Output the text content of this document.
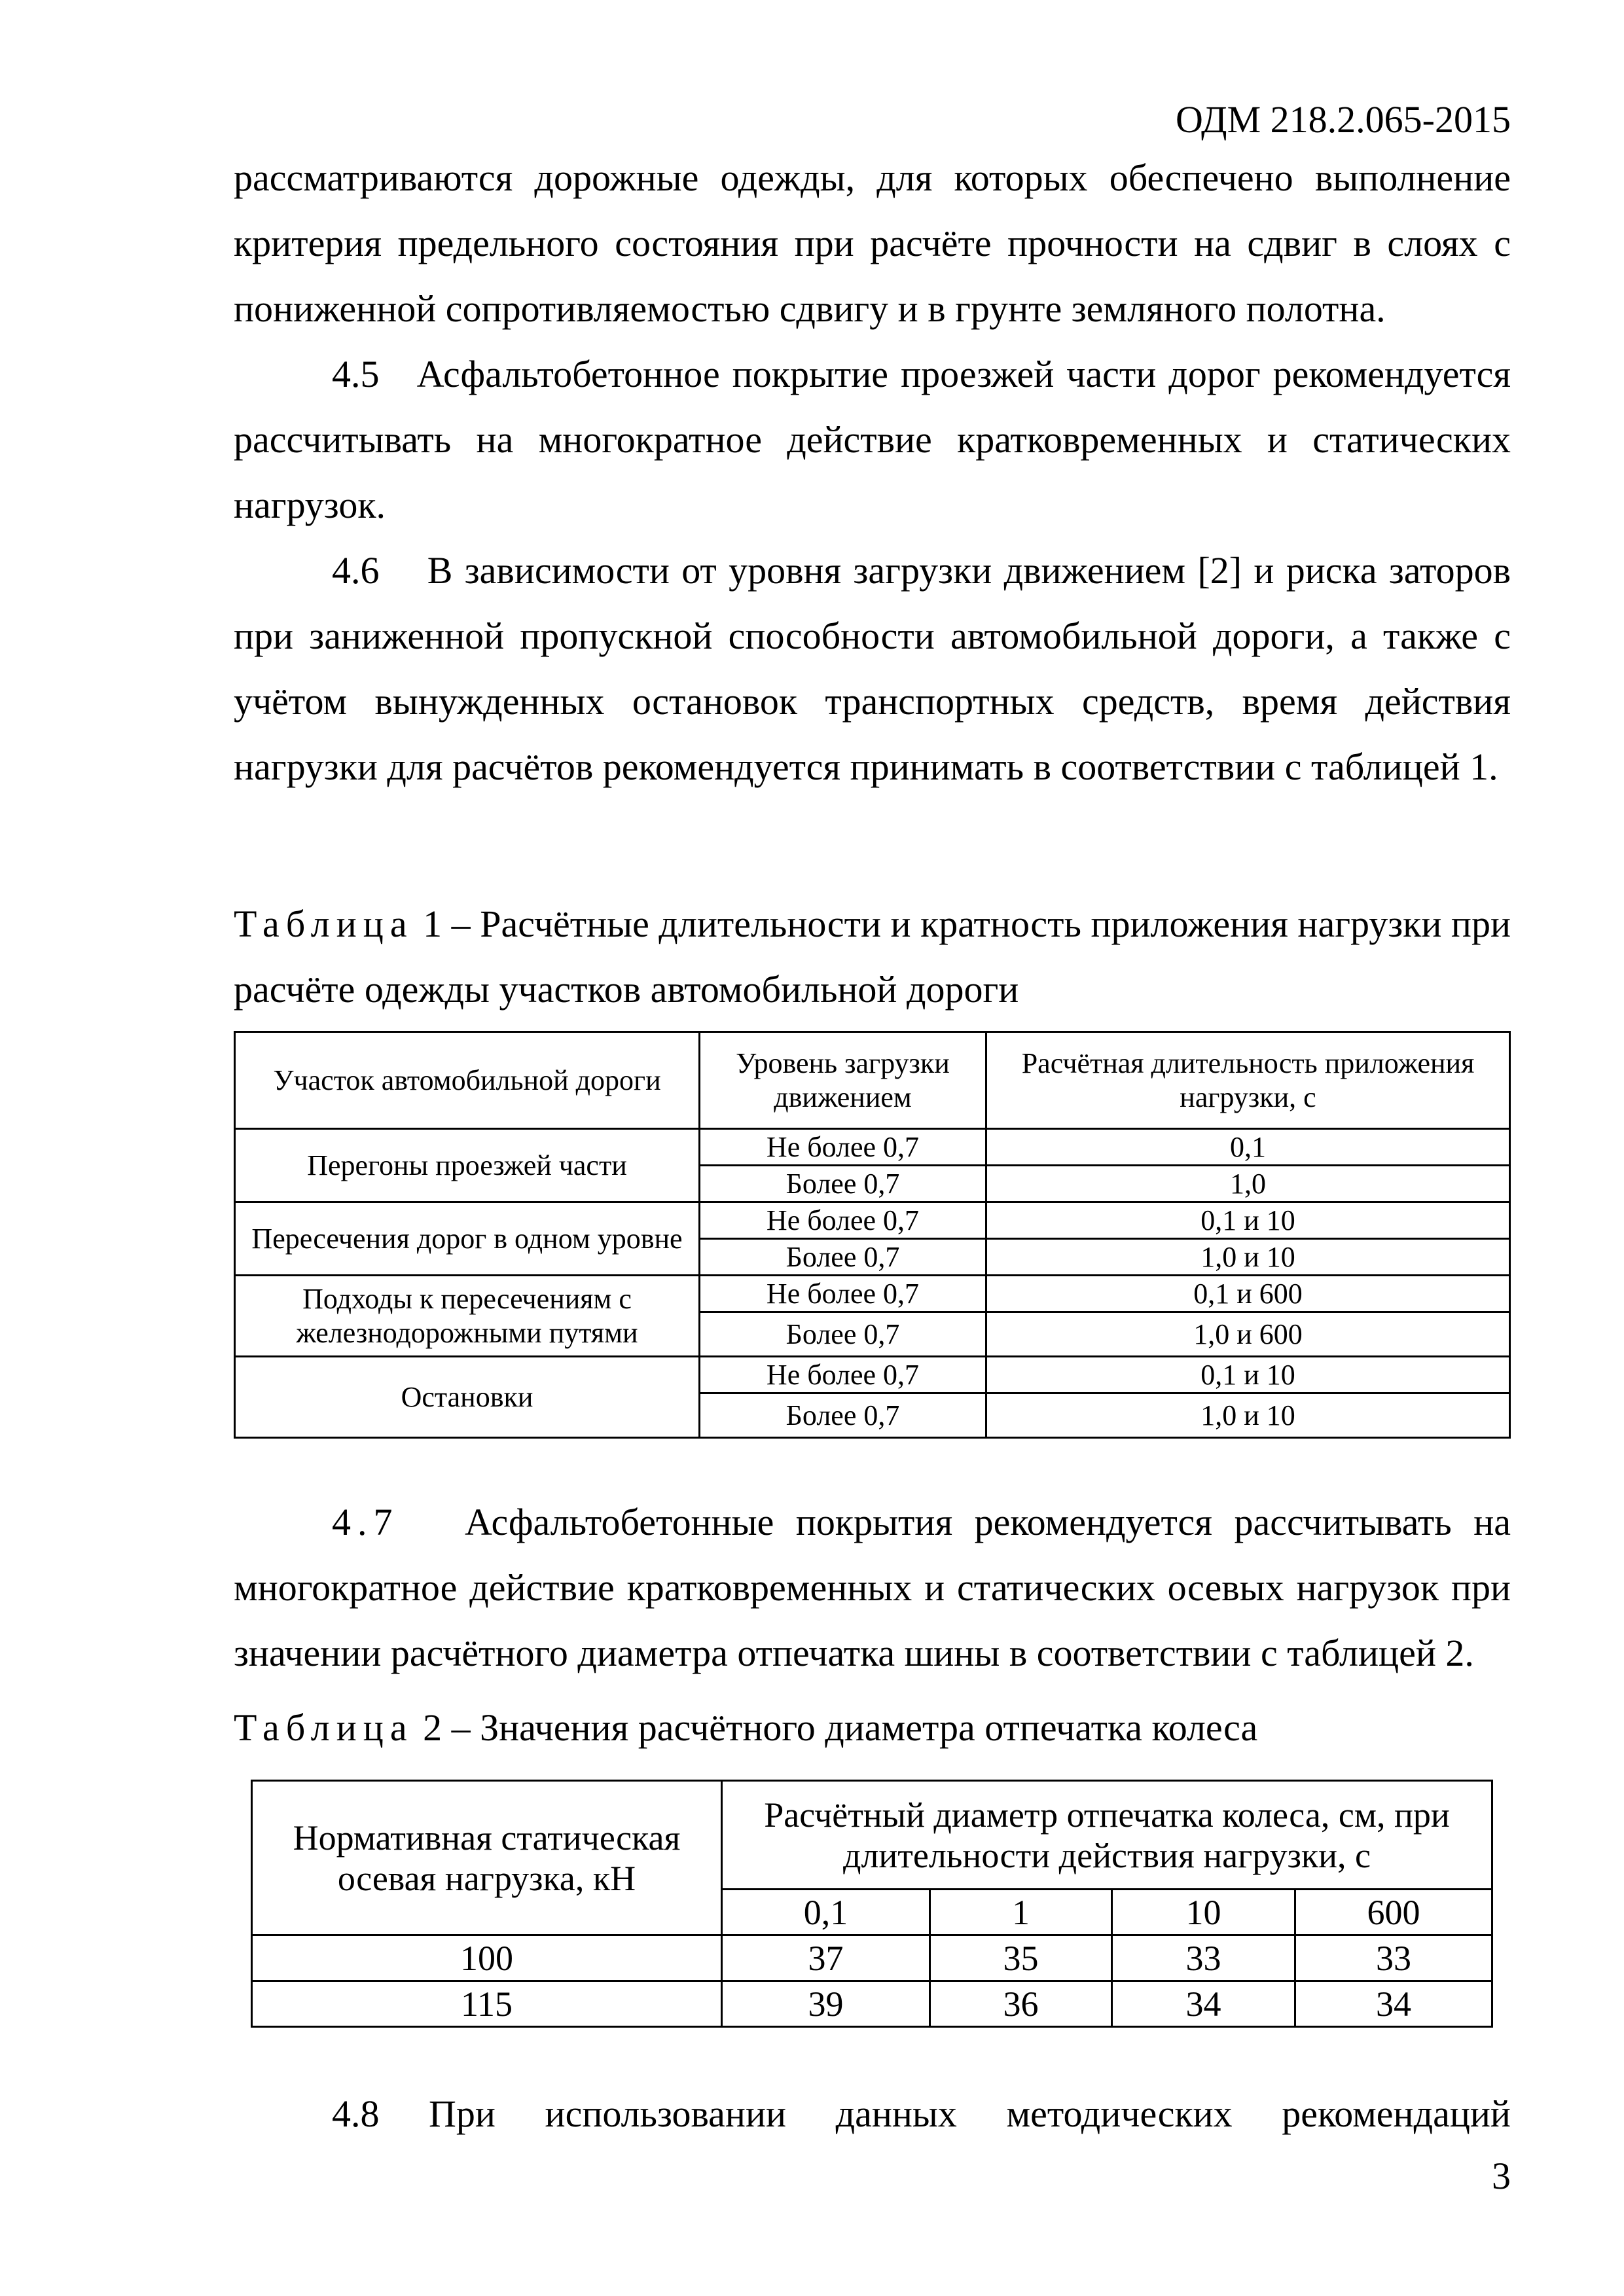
ОДМ 218.2.065-2015

рассматриваются дорожные одежды, для которых обеспечено выполнение критерия предельного состояния при расчёте прочности на сдвиг в слоях с пониженной сопротивляемостью сдвигу и в грунте земляного полотна.

4.5 Асфальтобетонное покрытие проезжей части дорог рекомендуется рассчитывать на многократное действие кратковременных и статических нагрузок.

4.6 В зависимости от уровня загрузки движением [2] и риска заторов при заниженной пропускной способности автомобильной дороги, а также с учётом вынужденных остановок транспортных средств, время действия нагрузки для расчётов рекомендуется принимать в соответствии с таблицей 1.

Таблица 1 – Расчётные длительности и кратность приложения нагрузки при расчёте одежды участков автомобильной дороги

Участок автомобильной дороги	Уровень загрузки движением	Расчётная длительность приложения нагрузки, с
Перегоны проезжей части	Не более 0,7	0,1
	Более 0,7	1,0
Пересечения дорог в одном уровне	Не более 0,7	0,1 и 10
	Более 0,7	1,0 и 10
Подходы к пересечениям с железнодорожными путями	Не более 0,7	0,1 и 600
	Более 0,7	1,0 и 600
Остановки	Не более 0,7	0,1 и 10
	Более 0,7	1,0 и 10

4.7 Асфальтобетонные покрытия рекомендуется рассчитывать на многократное действие кратковременных и статических осевых нагрузок при значении расчётного диаметра отпечатка шины в соответствии с таблицей 2.

Таблица 2 – Значения расчётного диаметра отпечатка колеса

Нормативная статическая осевая нагрузка, кН	Расчётный диаметр отпечатка колеса, см, при длительности действия нагрузки, с			
	0,1	1	10	600
100	37	35	33	33
115	39	36	34	34
4.8 При использовании данных методических рекомендаций
3
